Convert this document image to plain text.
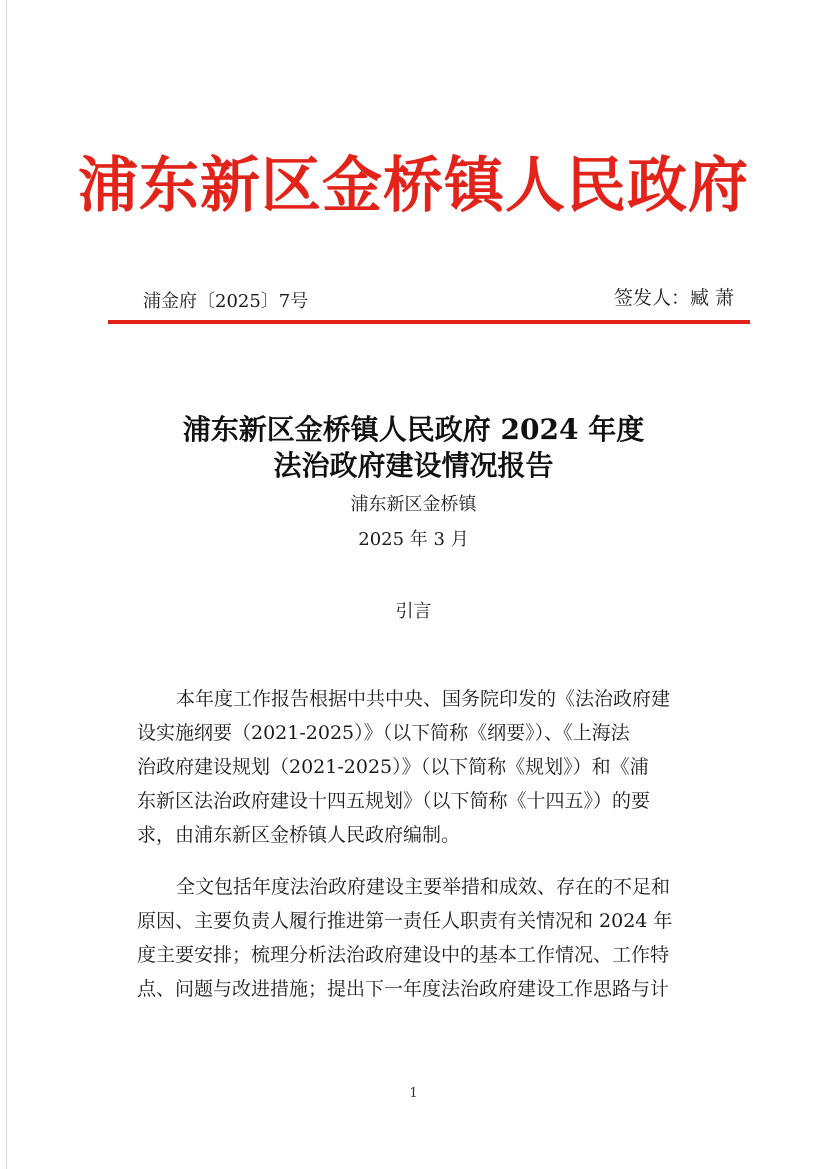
浦东新区金桥镇人民政府
浦金府〔2025〕7号	签发人：臧 萧
浦东新区金桥镇人民政府 2024 年度
法治政府建设情况报告
浦东新区金桥镇
2025 年 3 月
引言
本年度工作报告根据中共中央、国务院印发的《法治政府建
设实施纲要（2021-2025）》（以下简称《纲要》）、《上海法
治政府建设规划（2021-2025）》（以下简称《规划》）和《浦
东新区法治政府建设十四五规划》（以下简称《十四五》）的要
求，由浦东新区金桥镇人民政府编制。
全文包括年度法治政府建设主要举措和成效、存在的不足和
原因、主要负责人履行推进第一责任人职责有关情况和 2024 年
度主要安排；梳理分析法治政府建设中的基本工作情况、工作特
点、问题与改进措施；提出下一年度法治政府建设工作思路与计
1
